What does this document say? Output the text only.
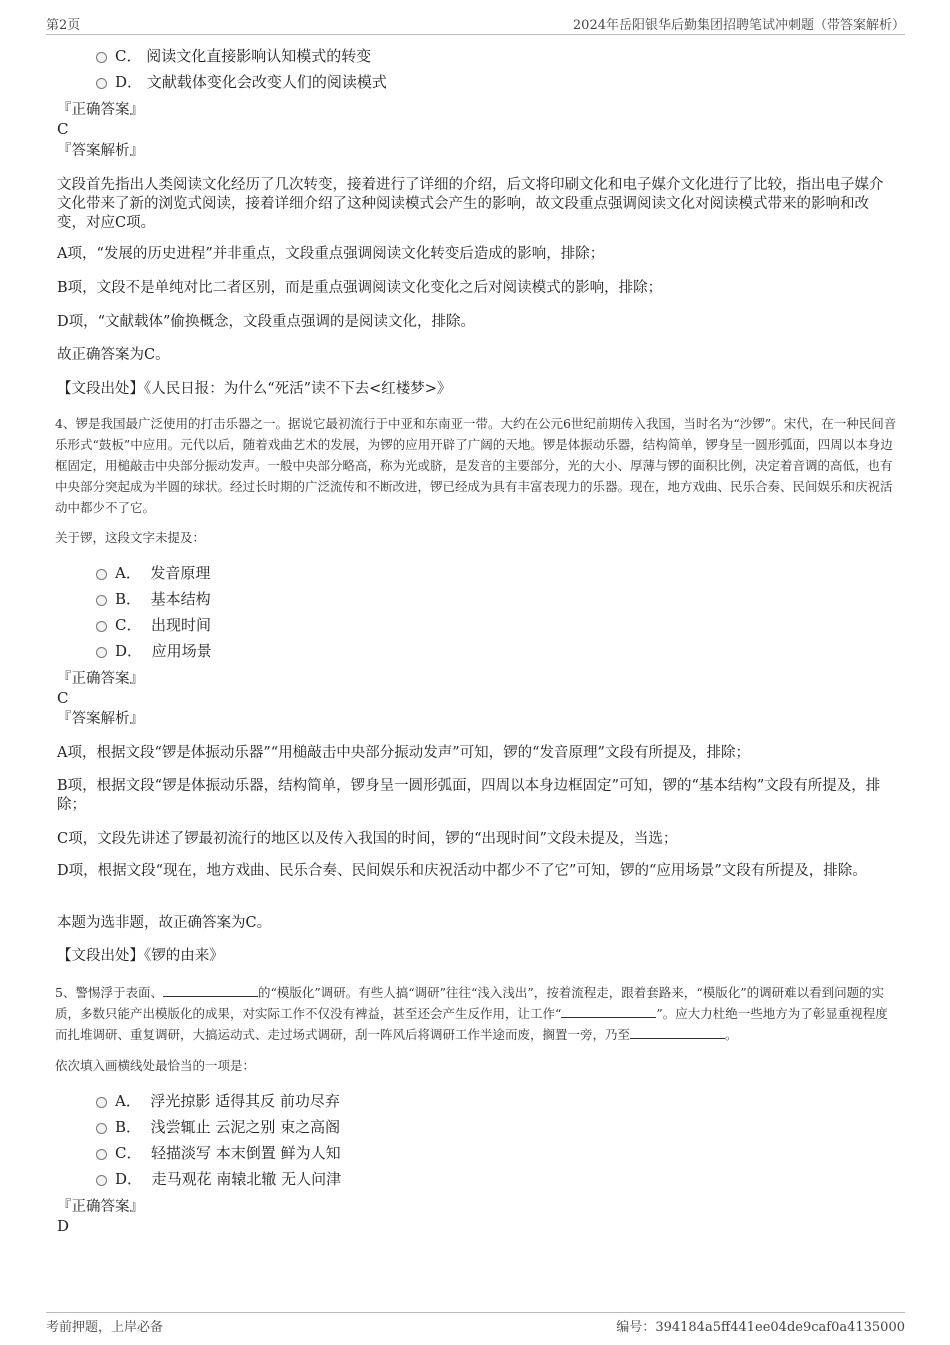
第2页	2024年岳阳银华后勤集团招聘笔试冲刺题（带答案解析）
C． 阅读文化直接影响认知模式的转变
D． 文献载体变化会改变人们的阅读模式
『正确答案』
C
『答案解析』
文段首先指出人类阅读文化经历了几次转变，接着进行了详细的介绍，后文将印刷文化和电子媒介文化进行了比较，指出电子媒介文化带来了新的浏览式阅读，接着详细介绍了这种阅读模式会产生的影响，故文段重点强调阅读文化对阅读模式带来的影响和改变，对应C项。
A项，“发展的历史进程”并非重点，文段重点强调阅读文化转变后造成的影响，排除；
B项，文段不是单纯对比二者区别，而是重点强调阅读文化变化之后对阅读模式的影响，排除；
D项，“文献载体”偷换概念，文段重点强调的是阅读文化，排除。
故正确答案为C。
【文段出处】《人民日报：为什么“死活”读不下去<红楼梦>》
4、锣是我国最广泛使用的打击乐器之一。据说它最初流行于中亚和东南亚一带。大约在公元6世纪前期传入我国，当时名为“沙锣”。宋代，在一种民间音乐形式“鼓板”中应用。元代以后，随着戏曲艺术的发展，为锣的应用开辟了广阔的天地。锣是体振动乐器，结构简单，锣身呈一圆形弧面，四周以本身边框固定，用槌敲击中央部分振动发声。一般中央部分略高，称为光或脐，是发音的主要部分，光的大小、厚薄与锣的面积比例，决定着音调的高低，也有中央部分突起成为半圆的球状。经过长时期的广泛流传和不断改进，锣已经成为具有丰富表现力的乐器。现在，地方戏曲、民乐合奏、民间娱乐和庆祝活动中都少不了它。
关于锣，这段文字未提及：
A． 发音原理
B． 基本结构
C． 出现时间
D． 应用场景
『正确答案』
C
『答案解析』
A项，根据文段“锣是体振动乐器”“用槌敲击中央部分振动发声”可知，锣的“发音原理”文段有所提及，排除；
B项，根据文段“锣是体振动乐器，结构简单，锣身呈一圆形弧面，四周以本身边框固定”可知，锣的“基本结构”文段有所提及，排除；
C项，文段先讲述了锣最初流行的地区以及传入我国的时间，锣的“出现时间”文段未提及，当选；
D项，根据文段“现在，地方戏曲、民乐合奏、民间娱乐和庆祝活动中都少不了它”可知，锣的“应用场景”文段有所提及，排除。
本题为选非题，故正确答案为C。
【文段出处】《锣的由来》
5、警惕浮于表面、	的“模版化”调研。有些人搞“调研”往往“浅入浅出”，按着流程走，跟着套路来，“模版化”的调研难以看到问题的实质，多数只能产出模版化的成果，对实际工作不仅没有裨益，甚至还会产生反作用，让工作“	”。应大力杜绝一些地方为了彰显重视程度而扎堆调研、重复调研，大搞运动式、走过场式调研，刮一阵风后将调研工作半途而废，搁置一旁，乃至	。
依次填入画横线处最恰当的一项是：
A． 浮光掠影 适得其反 前功尽弃
B． 浅尝辄止 云泥之别 束之高阁
C． 轻描淡写 本末倒置 鲜为人知
D． 走马观花 南辕北辙 无人问津
『正确答案』
D
考前押题，上岸必备	编号：394184a5ff441ee04de9caf0a4135000
